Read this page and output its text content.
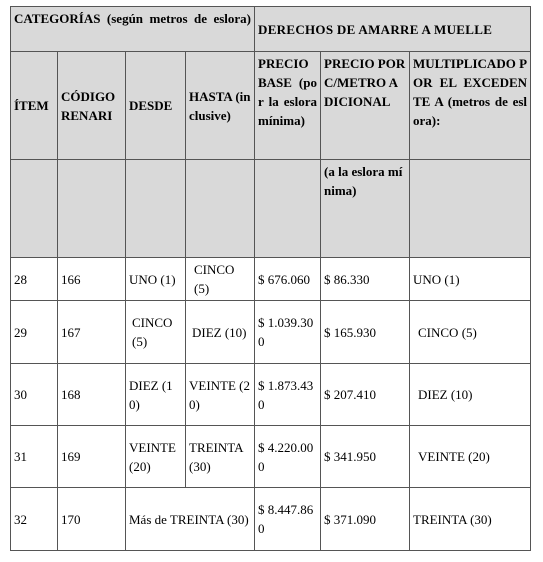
CATEGORÍAS (según metros de eslora)				DERECHOS DE AMARRE A MUELLE		
ÍTEM	CÓDIGO RENARI	DESDE	HASTA (inclusive)	PRECIO BASE (por la eslora mínima)	PRECIO POR C/METRO ADICIONAL	MULTIPLICADO POR EL EXCEDENTE A (metros de eslora):

					(a la eslora mínima)	
28	166	UNO (1)	CINCO (5)	$ 676.060	$ 86.330	UNO (1)
29	167	CINCO (5)	DIEZ (10)	$ 1.039.300	$ 165.930	CINCO (5)
30	168	DIEZ (10)	VEINTE (20)	$ 1.873.430	$ 207.410	DIEZ (10)
31	169	VEINTE (20)	TREINTA (30)	$ 4.220.000	$ 341.950	VEINTE (20)
32	170	Más de TREINTA (30)		$ 8.447.860	$ 371.090	TREINTA (30)
